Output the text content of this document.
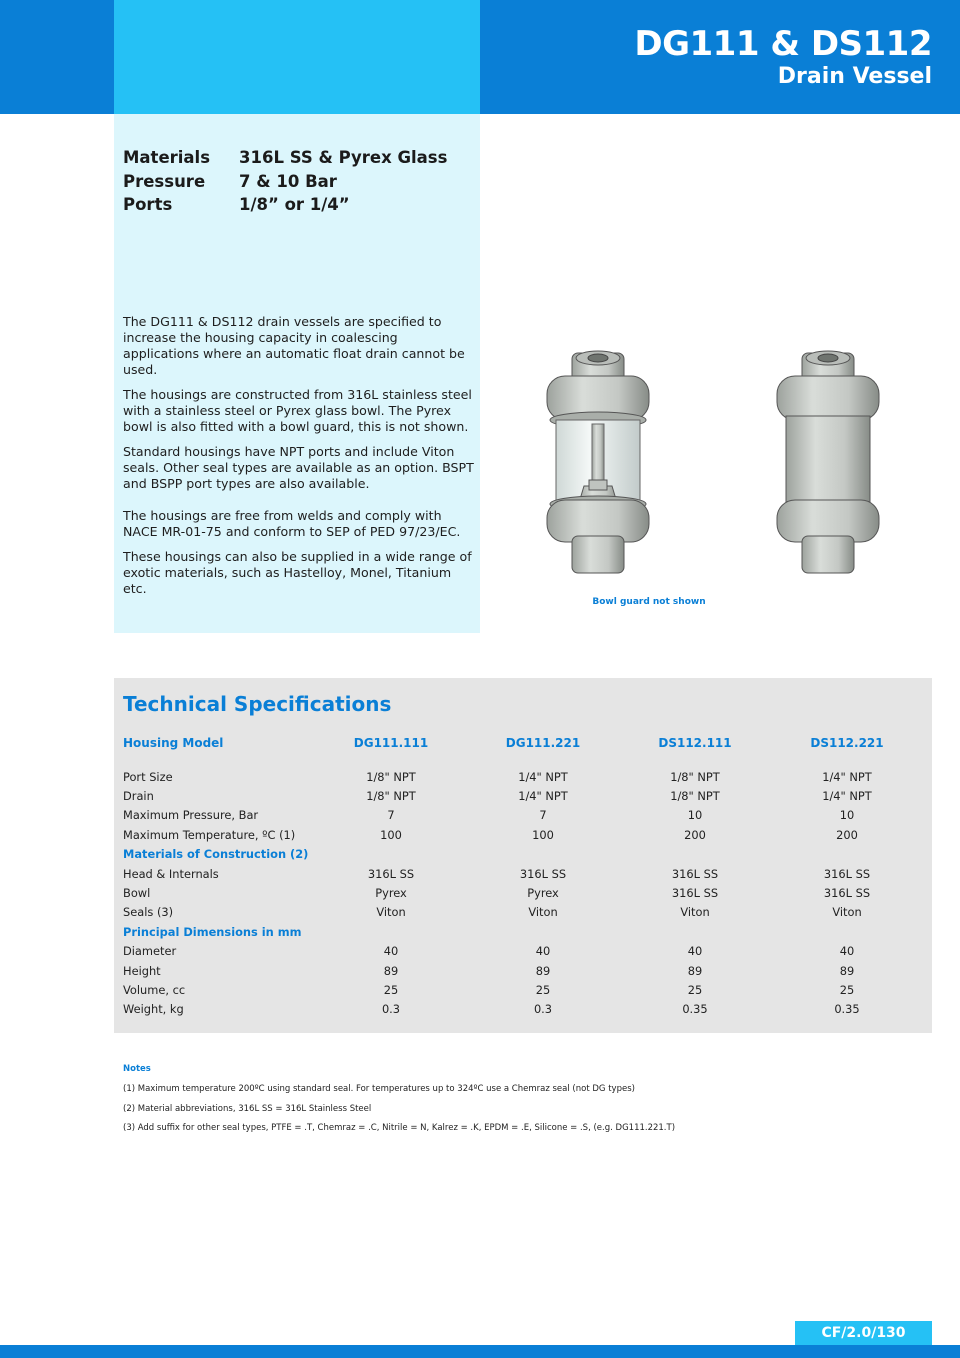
DG111 & DS112
Drain Vessel
Materials	316L SS & Pyrex Glass
Pressure	7 & 10 Bar
Ports	1/8” or 1/4”

The DG111 & DS112 drain vessels are specified to increase the housing capacity in coalescing applications where an automatic float drain cannot be used.

The housings are constructed from 316L stainless steel with a stainless steel or Pyrex glass bowl. The Pyrex bowl is also fitted with a bowl guard, this is not shown.

Standard housings have NPT ports and include Viton seals. Other seal types are available as an option. BSPT and BSPP port types are also available.

The housings are free from welds and comply with NACE MR-01-75 and conform to SEP of PED 97/23/EC.

These housings can also be supplied in a wide range of exotic materials, such as Hastelloy, Monel, Titanium etc.

Bowl guard not shown
Technical Specifications
Housing Model	DG111.111	DG111.221	DS112.111	DS112.221

Port Size	1/8" NPT	1/4" NPT	1/8" NPT	1/4" NPT
Drain	1/8" NPT	1/4" NPT	1/8" NPT	1/4" NPT
Maximum Pressure, Bar	7	7	10	10
Maximum Temperature, ºC (1)	100	100	200	200
Materials of Construction (2)				
Head & Internals	316L SS	316L SS	316L SS	316L SS
Bowl	Pyrex	Pyrex	316L SS	316L SS
Seals (3)	Viton	Viton	Viton	Viton
Principal Dimensions in mm				
Diameter	40	40	40	40
Height	89	89	89	89
Volume, cc	25	25	25	25
Weight, kg	0.3	0.3	0.35	0.35

Notes

(1) Maximum temperature 200ºC using standard seal. For temperatures up to 324ºC use a Chemraz seal (not DG types)

(2) Material abbreviations, 316L SS = 316L Stainless Steel

(3) Add suffix for other seal types, PTFE = .T, Chemraz = .C, Nitrile = N, Kalrez = .K, EPDM = .E, Silicone = .S, (e.g. DG111.221.T)

CF/2.0/130
